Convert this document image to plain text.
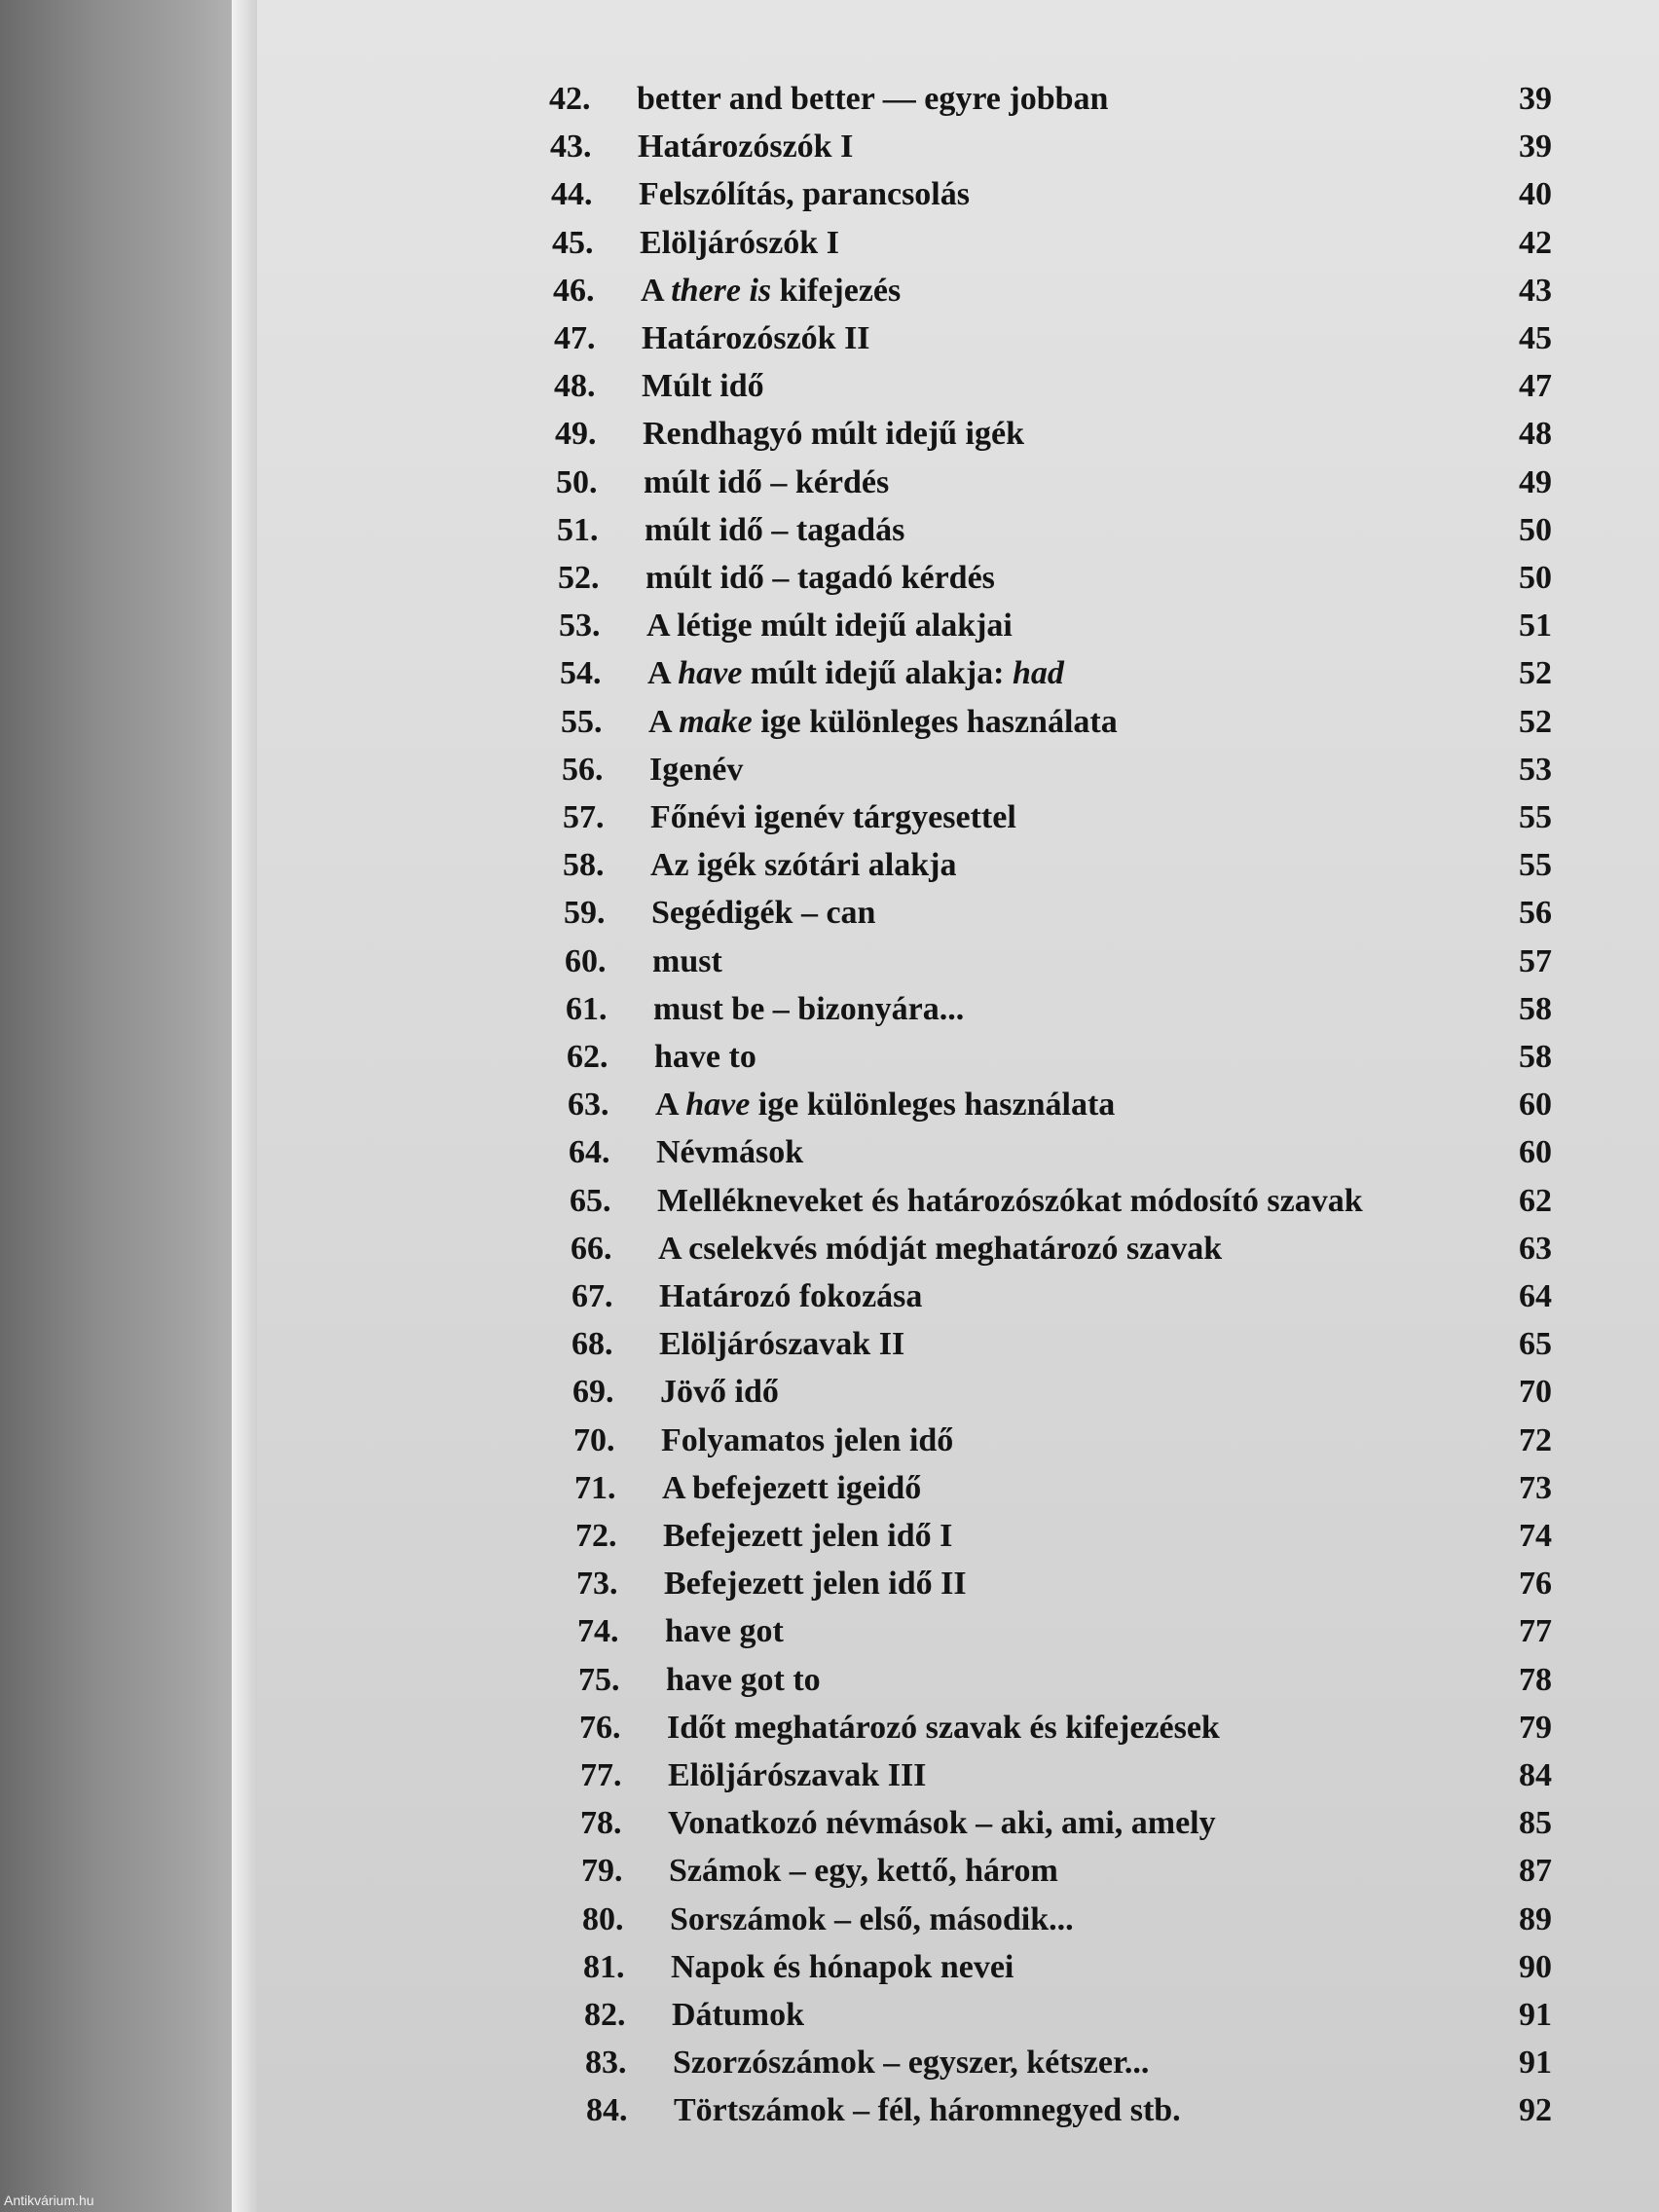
42.	better and better — egyre jobban	39
43.	Határozószók I	39
44.	Felszólítás, parancsolás	40
45.	Elöljárószók I	42
46.	A there is kifejezés	43
47.	Határozószók II	45
48.	Múlt idő	47
49.	Rendhagyó múlt idejű igék	48
50.	múlt idő – kérdés	49
51.	múlt idő – tagadás	50
52.	múlt idő – tagadó kérdés	50
53.	A létige múlt idejű alakjai	51
54.	A have múlt idejű alakja: had	52
55.	A make ige különleges használata	52
56.	Igenév	53
57.	Főnévi igenév tárgyesettel	55
58.	Az igék szótári alakja	55
59.	Segédigék – can	56
60.	must	57
61.	must be – bizonyára...	58
62.	have to	58
63.	A have ige különleges használata	60
64.	Névmások	60
65.	Mellékneveket és határozószókat módosító szavak	62
66.	A cselekvés módját meghatározó szavak	63
67.	Határozó fokozása	64
68.	Elöljárószavak II	65
69.	Jövő idő	70
70.	Folyamatos jelen idő	72
71.	A befejezett igeidő	73
72.	Befejezett jelen idő I	74
73.	Befejezett jelen idő II	76
74.	have got	77
75.	have got to	78
76.	Időt meghatározó szavak és kifejezések	79
77.	Elöljárószavak III	84
78.	Vonatkozó névmások – aki, ami, amely	85
79.	Számok – egy, kettő, három	87
80.	Sorszámok – első, második...	89
81.	Napok és hónapok nevei	90
82.	Dátumok	91
83.	Szorzószámok – egyszer, kétszer...	91
84.	Törtszámok – fél, háromnegyed stb.	92
Antikvárium.hu
